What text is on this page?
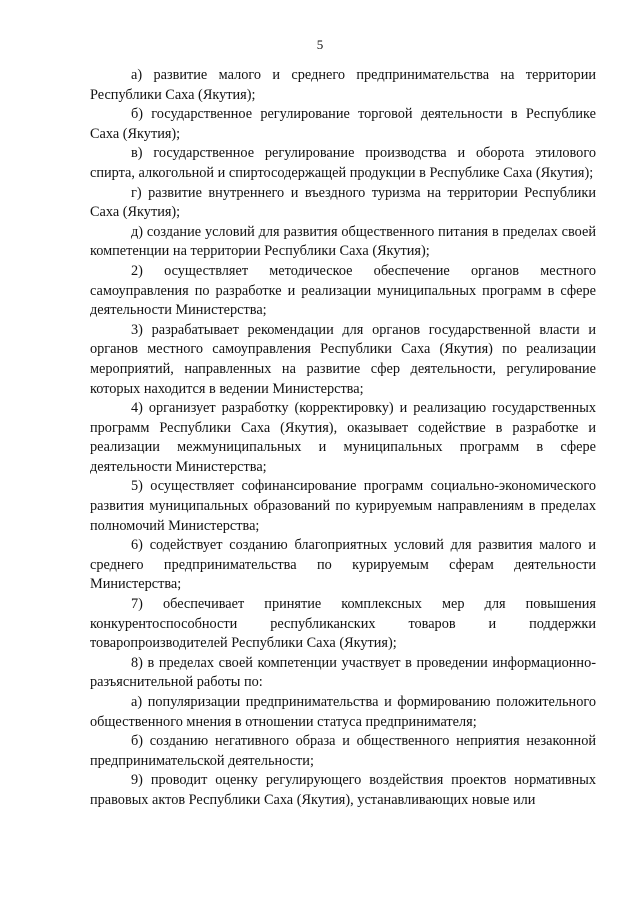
5

а) развитие малого и среднего предпринимательства на территории Республики Саха (Якутия);

б) государственное регулирование торговой деятельности в Республике Саха (Якутия);

в) государственное регулирование производства и оборота этилового спирта, алкогольной и спиртосодержащей продукции в Республике Саха (Якутия);

г) развитие внутреннего и въездного туризма на территории Республики Саха (Якутия);

д) создание условий для развития общественного питания в пределах своей компетенции на территории Республики Саха (Якутия);

2) осуществляет методическое обеспечение органов местного самоуправления по разработке и реализации муниципальных программ в сфере деятельности Министерства;

3) разрабатывает рекомендации для органов государственной власти и органов местного самоуправления Республики Саха (Якутия) по реализации мероприятий, направленных на развитие сфер деятельности, регулирование которых находится в ведении Министерства;

4) организует разработку (корректировку) и реализацию государственных программ Республики Саха (Якутия), оказывает содействие в разработке и реализации межмуниципальных и муниципальных программ в сфере деятельности Министерства;

5) осуществляет софинансирование программ социально-экономического развития муниципальных образований по курируемым направлениям в пределах полномочий Министерства;

6) содействует созданию благоприятных условий для развития малого и среднего предпринимательства по курируемым сферам деятельности Министерства;

7) обеспечивает принятие комплексных мер для повышения конкурентоспособности республиканских товаров и поддержки товаропроизводителей Республики Саха (Якутия);

8) в пределах своей компетенции участвует в проведении информационно-разъяснительной работы по:

а) популяризации предпринимательства и формированию положительного общественного мнения в отношении статуса предпринимателя;

б) созданию негативного образа и общественного неприятия незаконной предпринимательской деятельности;

9) проводит оценку регулирующего воздействия проектов нормативных правовых актов Республики Саха (Якутия), устанавливающих новые или
